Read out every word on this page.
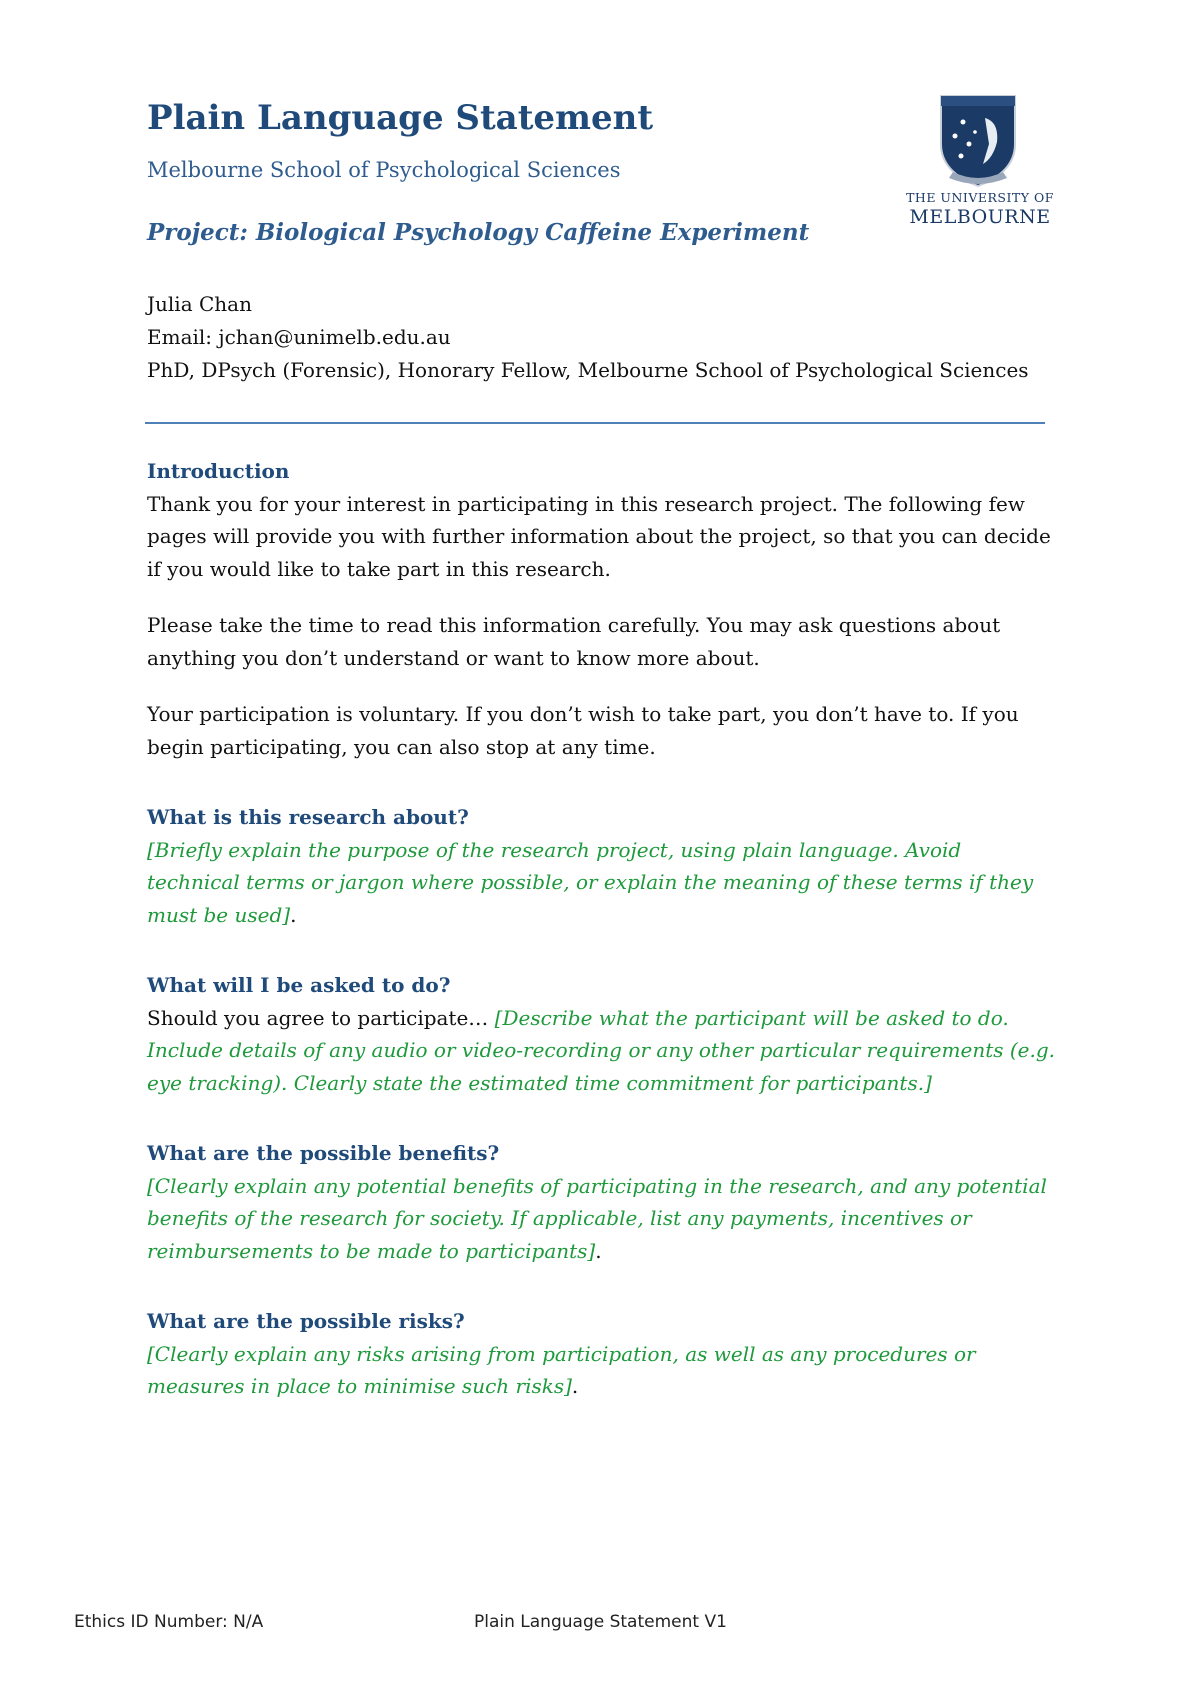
Plain Language Statement
Melbourne School of Psychological Sciences
Project: Biological Psychology Caffeine Experiment
THE UNIVERSITY OF
MELBOURNE
Julia Chan
Email: jchan@unimelb.edu.au
PhD, DPsych (Forensic), Honorary Fellow, Melbourne School of Psychological Sciences
Introduction

Thank you for your interest in participating in this research project. The following few pages will provide you with further information about the project, so that you can decide if you would like to take part in this research.

Please take the time to read this information carefully. You may ask questions about anything you don’t understand or want to know more about.

Your participation is voluntary. If you don’t wish to take part, you don’t have to. If you begin participating, you can also stop at any time.

What is this research about?

[Briefly explain the purpose of the research project, using plain language. Avoid technical terms or jargon where possible, or explain the meaning of these terms if they must be used].

What will I be asked to do?

Should you agree to participate… [Describe what the participant will be asked to do. Include details of any audio or video-recording or any other particular requirements (e.g. eye tracking). Clearly state the estimated time commitment for participants.]

What are the possible benefits?

[Clearly explain any potential benefits of participating in the research, and any potential benefits of the research for society. If applicable, list any payments, incentives or reimbursements to be made to participants].

What are the possible risks?

[Clearly explain any risks arising from participation, as well as any procedures or measures in place to minimise such risks].

Ethics ID Number: N/A	Plain Language Statement V1
